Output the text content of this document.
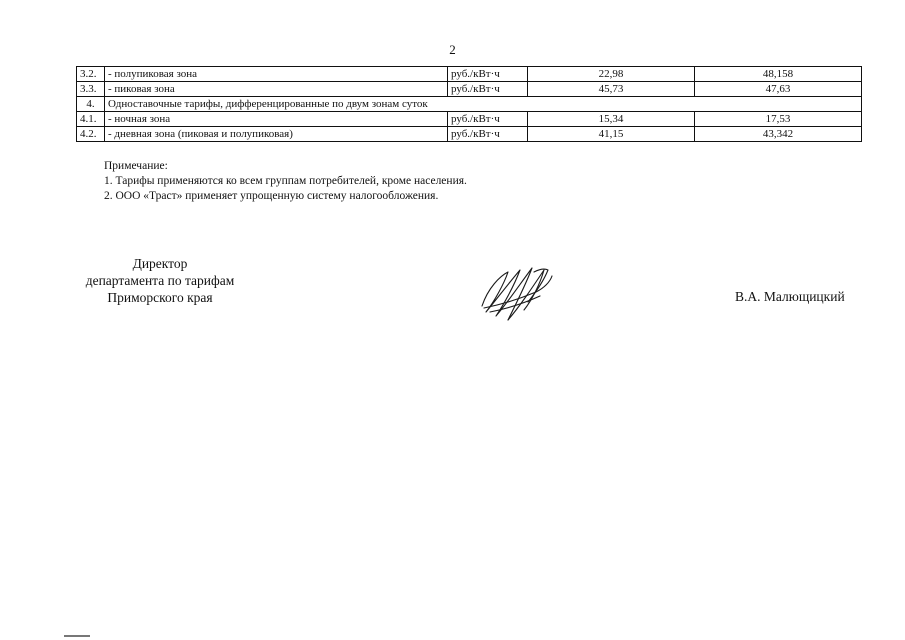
2
3.2.	- полупиковая зона	руб./кВт·ч	22,98	48,158
3.3.	- пиковая зона	руб./кВт·ч	45,73	47,63
4.	Одноставочные тарифы, дифференцированные по двум зонам суток			
4.1.	- ночная зона	руб./кВт·ч	15,34	17,53
4.2.	- дневная зона (пиковая и полупиковая)	руб./кВт·ч	41,15	43,342
Примечание:
1. Тарифы применяются ко всем группам потребителей, кроме населения.
2. ООО «Траст» применяет упрощенную систему налогообложения.
Директор
департамента по тарифам
Приморского края	В.А. Малющицкий
